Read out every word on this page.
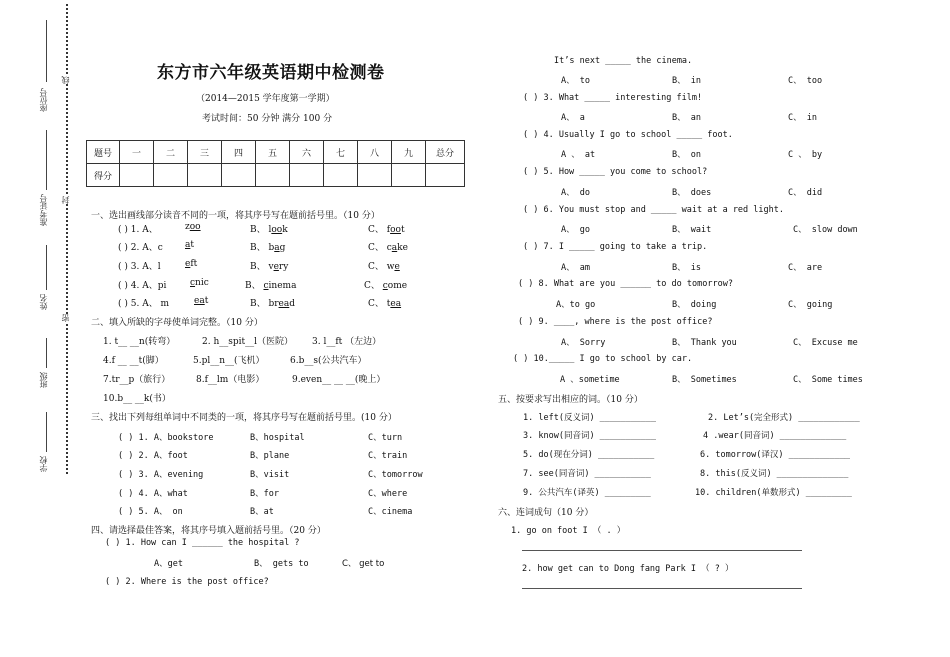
座位号
线
准考证号 封
姓名
密
班级
学校
东方市六年级英语期中检测卷
（2014—2015 学年度第一学期）
考试时间：50 分钟 满分 100 分
题号	一	二	三	四	五	六	七	八	九	总分
得分										
一、选出画线部分读音不同的一项，将其序号写在题前括号里。（10 分）
( ) 1. A、	zoo	B、 look	C、 foot
( ) 2. A、c at	B、 bag	C、 cake
( ) 3. A、l	eft	B、 very	C、 we
( ) 4. A、pi	cnic	B、 cinema	C、 come
( ) 5. A、 m	eat	B、 bread	C、 tea
二、填入所缺的字母使单词完整。（10 分）
1. t__ __n(转弯）	2. h__spit__l（医院） 3. l__ft （左边）
4.f __ __t(脚）	5.pl__n__(飞机）	6.b__s(公共汽车）
7.tr__p（旅行）	8.f__lm（电影）	9.even__ __ __(晚上）
10.b__ __k(书）
三、找出下列每组单词中不同类的一项，将其序号写在题前括号里。(10 分）
( ) 1. A、bookstore	B、hospital	C、turn
( ) 2. A、foot	B、plane	C、train
( ) 3. A、evening	B、visit	C、tomorrow
( ) 4. A、what	B、for	C、where
( ) 5. A、 on	B、at	C、cinema
四、请选择最佳答案，将其序号填入题前括号里。（20 分）
( ) 1. How can I ______ the hospital ?
A、get	B、 gets to	C、 get to
( ) 2. Where is the post office?
It’s next _____ the cinema.
A、 to	B、 in	C、 too
( ) 3. What _____ interesting film!
A、 a	B、 an	C、 in
( ) 4. Usually I go to school _____ foot.
A 、 at	B、 on	C 、 by
( ) 5. How _____ you come to school?
A、 do	B、 does	C、 did
( ) 6. You must stop and _____ wait at a red light.
A、 go	B、 wait	C、 slow down
( ) 7. I _____ going to take a trip.
A、 am	B、 is	C、 are
( ) 8. What are you ______ to do tomorrow?
A、to go	B、 doing	C、 going
( ) 9. ____, where is the post office?
A、 Sorry	B、 Thank you	C、 Excuse me
( ) 10._____ I go to school by car.
A 、sometime	B、 Sometimes	C、 Some times
五、按要求写出相应的词。（10 分）
1. left(反义词) ___________	2. Let’s(完全形式) ____________
3. know(同音词) ___________	4 .wear(同音词) _____________
5. do(现在分词) ___________	6. tomorrow(译汉) ____________
7. see(同音词) ___________	8. this(反义词) ______________
9. 公共汽车(译英) _________	10. children(单数形式) _________
六、连词成句（10 分）
1. go on foot I （ . ）
2. how get can to Dong fang Park I （ ? ）
